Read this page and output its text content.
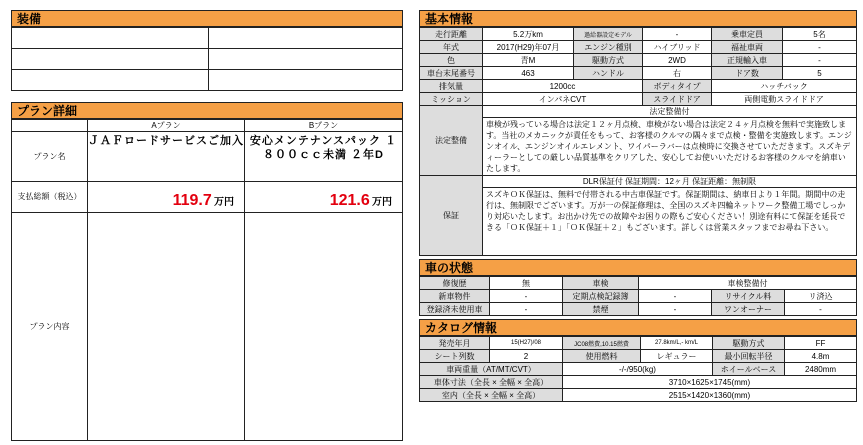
装備

プラン詳細
	Aプラン	Bプラン
プラン名	ＪＡＦロードサービスご加入	安心メンテナンスパック １８００ｃｃ未満 ２年D
支払総額（税込）	119.7 万円	121.6 万円
プラン内容		
基本情報
走行距離	5.2万km	過給器設定モデル	-	乗車定員	5名
年式	2017(H29)年07月	エンジン種別	ハイブリッド	福祉車両	-
色	青M	駆動方式	2WD	正規輸入車	-
車台末尾番号	463	ハンドル	右	ドア数	5
排気量	1200cc		ボディタイプ	ハッチバック	
ミッション	インパネCVT		スライドドア	両側電動スライドドア	
法定整備	法定整備付				
	車検が残っている場合は法定１２ヶ月点検、車検がない場合は法定２４ヶ月点検を無料で実施致します。当社のメカニックが責任をもって、お客様のクルマの隅々まで点検・整備を実施致します。エンジンオイル、エンジンオイルエレメント、ワイパーラバーは点検時に交換させていただきます。スズキディーラーとしての厳しい品質基準をクリアした、安心してお使いいただけるお客様のクルマを納車いたします。				
保証	DLR保証付 保証期間：12ヶ月 保証距離：無制限				
	スズキＯＫ保証は、無料で付帯される中古車保証です。保証期間は、納車日より１年間。期間中の走行は、無制限でございます。万が一の保証修理は、全国のスズキ四輪ネットワーク整備工場でしっかり対応いたします。お出かけ先での故障やお困りの際もご安心ください！別途有料にて保証を延長できる「ＯＫ保証＋１」「ＯＫ保証＋２」もございます。詳しくは営業スタッフまでお尋ね下さい。				
車の状態
修復歴	無	車検	車検整備付		
新車物件	-	定期点検記録簿	-	リサイクル料	リ済込
登録済未使用車	-	禁煙	-	ワンオーナー	-
カタログ情報
発売年月	15(H27)/08	JC08燃費,10.15燃費	27.8km/L,- km/L	駆動方式	FF
シート列数	2	使用燃料	レギュラー	最小回転半径	4.8m
車両重量（AT/MT/CVT）		-/-/950(kg)		ホイールベース	2480mm
車体寸法（全長 × 全幅 × 全高）		3710×1625×1745(mm)			
室内（全長 × 全幅 × 全高）		2515×1420×1360(mm)			
